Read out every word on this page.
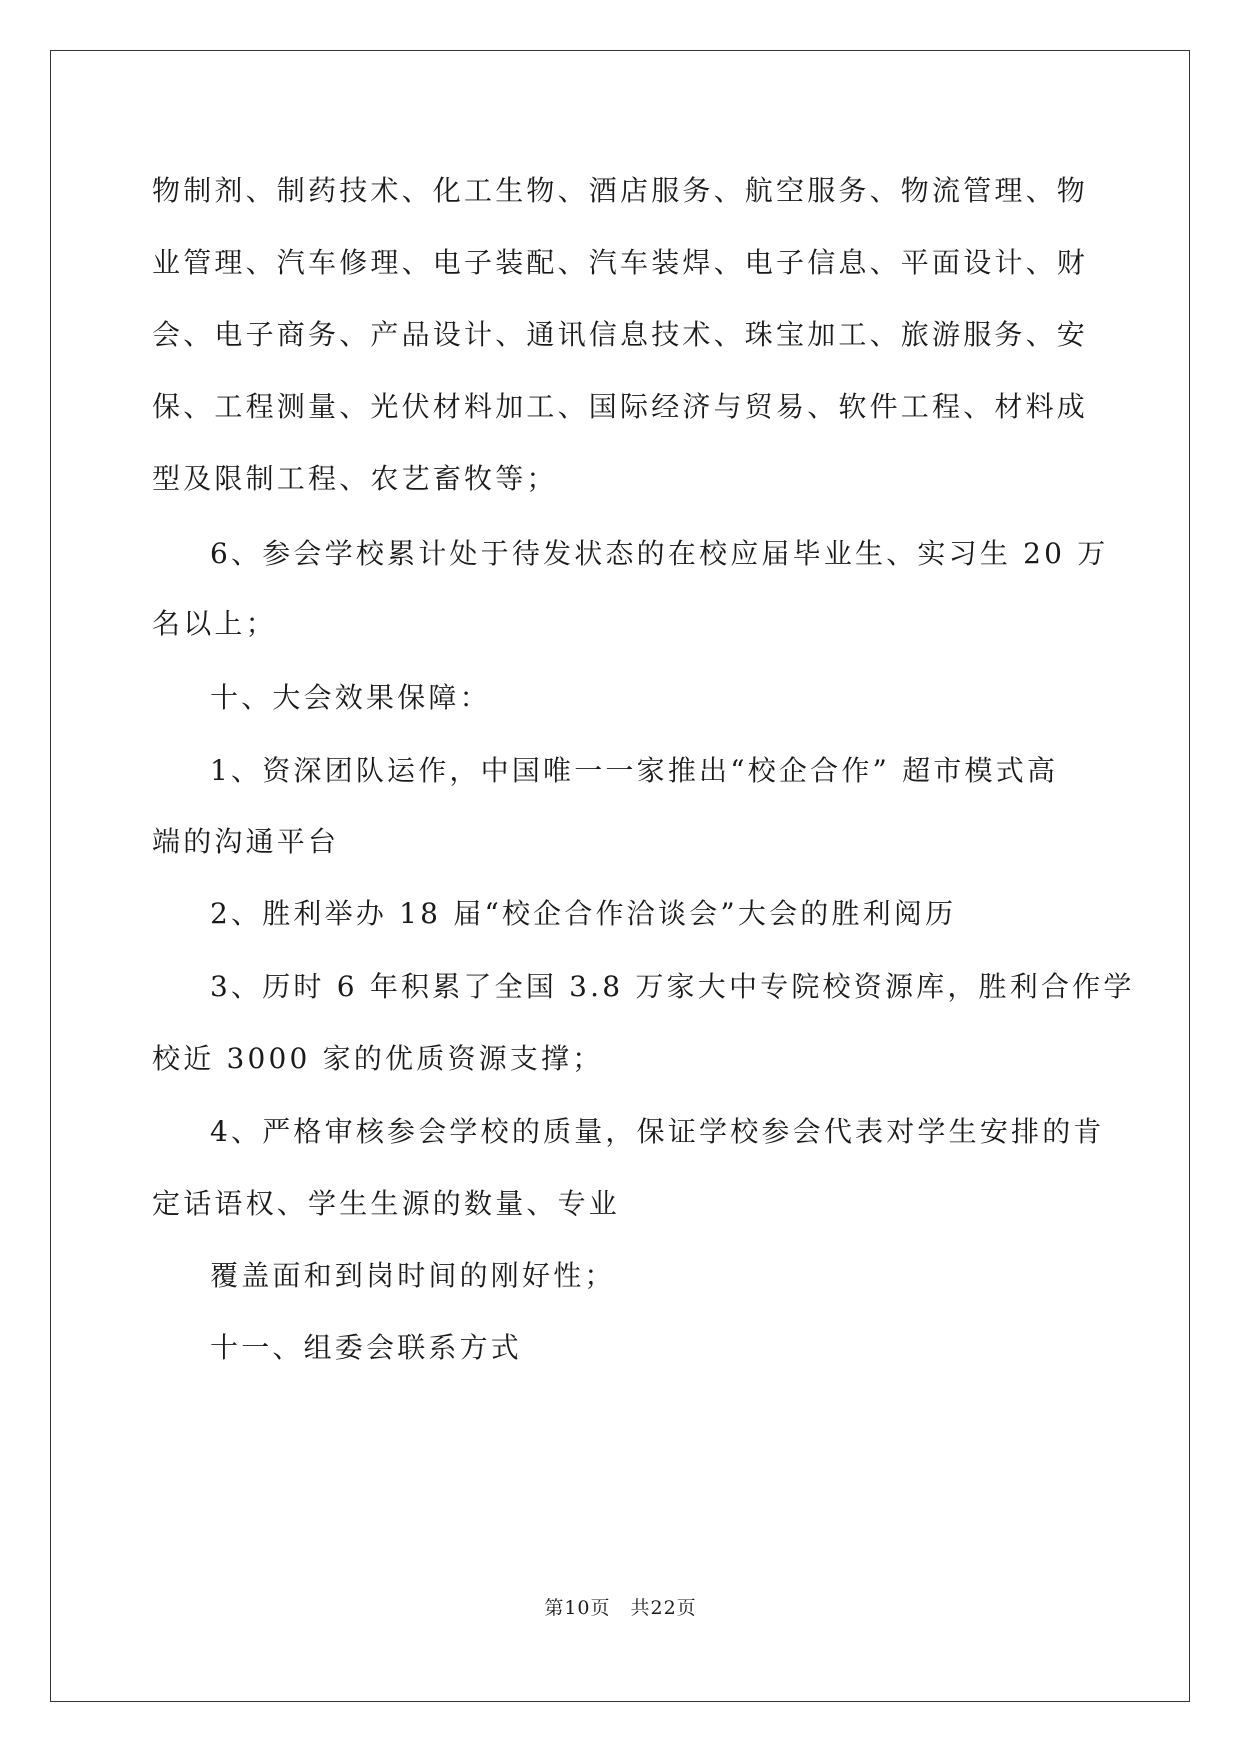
物制剂、制药技术、化工生物、酒店服务、航空服务、物流管理、物
业管理、汽车修理、电子装配、汽车装焊、电子信息、平面设计、财
会、电子商务、产品设计、通讯信息技术、珠宝加工、旅游服务、安
保、工程测量、光伏材料加工、国际经济与贸易、软件工程、材料成
型及限制工程、农艺畜牧等；
6、参会学校累计处于待发状态的在校应届毕业生、实习生 20 万
名以上；
十、大会效果保障：
1、资深团队运作，中国唯一一家推出“校企合作” 超市模式高
端的沟通平台
2、胜利举办 18 届“校企合作洽谈会”大会的胜利阅历
3、历时 6 年积累了全国 3.8 万家大中专院校资源库，胜利合作学
校近 3000 家的优质资源支撑；
4、严格审核参会学校的质量，保证学校参会代表对学生安排的肯
定话语权、学生生源的数量、专业
覆盖面和到岗时间的刚好性；
十一、组委会联系方式
第10页 共22页
